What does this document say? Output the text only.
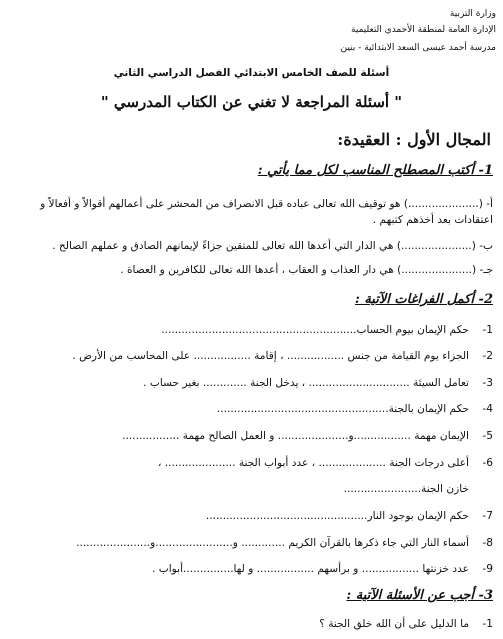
وزارة التربية
الإدارة العامة لمنطقة الأحمدي التعليمية
مدرسة أحمد عيسى السعد الابتدائية - بنين
أسئلة للصف الخامس الابتدائي الفصل الدراسي الثاني
" أسئلة المراجعة لا تغني عن الكتاب المدرسي "
المجال الأول : العقيدة:
1- أكتب المصطلح المناسب لكل مما يأتي :
أ- (.....................) هو توقيف الله تعالى عباده قبل الانصراف من المحشر على أعمالهم أقوالاً و أفعالاً و
اعتقادات بعد أخذهم كتبهم .
ب- (.....................) هي الدار التي أعدها الله تعالى للمتقين جزاءً لإيمانهم الصادق و عملهم الصالح .
جـ- (.....................) هي دار العذاب و العقاب ، أعدها الله تعالى للكافرين و العصاة .
2- أكمل الفراغات الآتية :
1-حكم الإيمان بيوم الحساب..........................................................
2-الجزاء يوم القيامة من جنس ................. ، إقامة ................. على المحاسب من الأرض .
3-تعامل السيئة .............................. ، يدخل الجنة ............. بغير حساب .
4-حكم الإيمان بالجنة...................................................
5-الإيمان مهمة .................و..................... و العمل الصالح مهمة .................
6-أعلى درجات الجنة .................... ، عدد أبواب الجنة ..................... ،
خازن الجنة.......................
7-حكم الإيمان بوجود النار................................................
8-أسماء النار التي جاء ذكرها بالقرآن الكريم ............. و.......................و......................
9-عدد خزنتها ................. و برأسهم ................. و لها...............أبواب .
3- أجب عن الأسئلة الآتية :
1-ما الدليل على أن الله خلق الجنة ؟
